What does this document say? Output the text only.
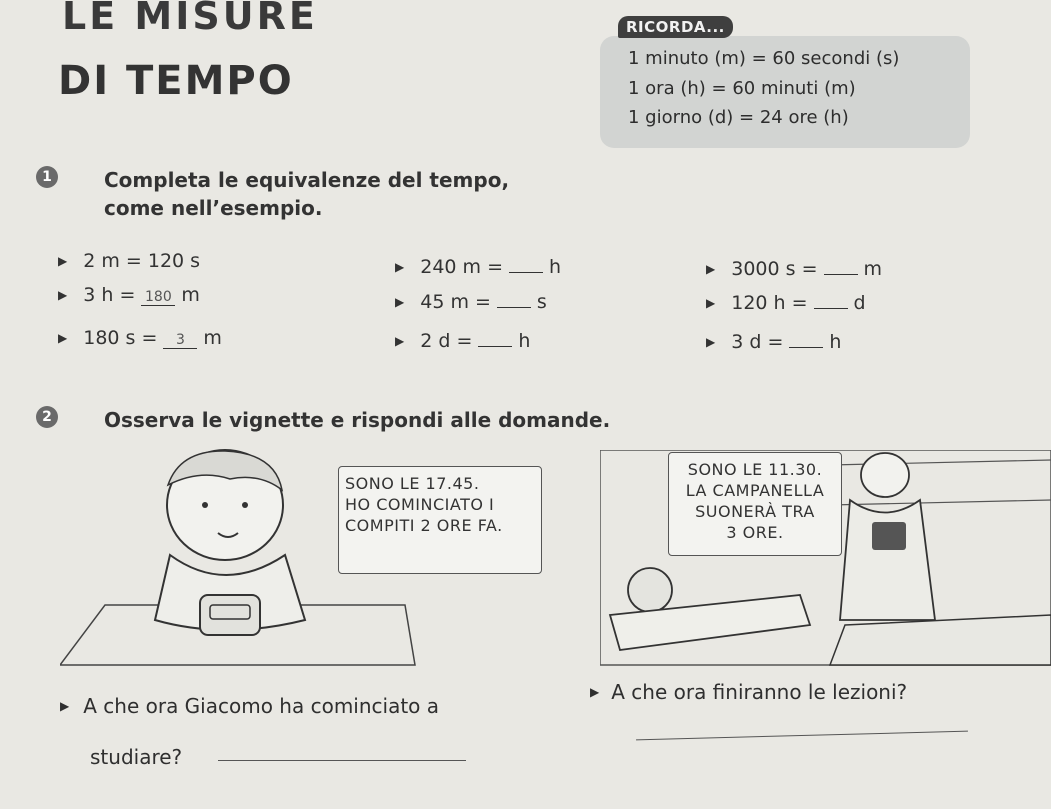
LE MISURE
DI TEMPO	1 minuto (m) = 60 secondi (s)
1 ora (h) = 60 minuti (m)
1 giorno (d) = 24 ore (h)
RICORDA...
1	Completa le equivalenze del tempo,
come nell’esempio.
▶ 2 m = 120 s	▶ 240 m = h	▶ 3000 s = m
▶ 3 h = 180 m	▶ 45 m = s	▶ 120 h = d
▶ 180 s = 3 m	▶ 2 d = h	▶ 3 d = h
2	Osserva le vignette e rispondi alle domande.
SONO LE 17.45.
HO COMINCIATO I
COMPITI 2 ORE FA.
SONO LE 11.30.
LA CAMPANELLA
SUONERÀ TRA
3 ORE.
▶ A che ora Giacomo ha cominciato a
studiare?
▶ A che ora finiranno le lezioni?
